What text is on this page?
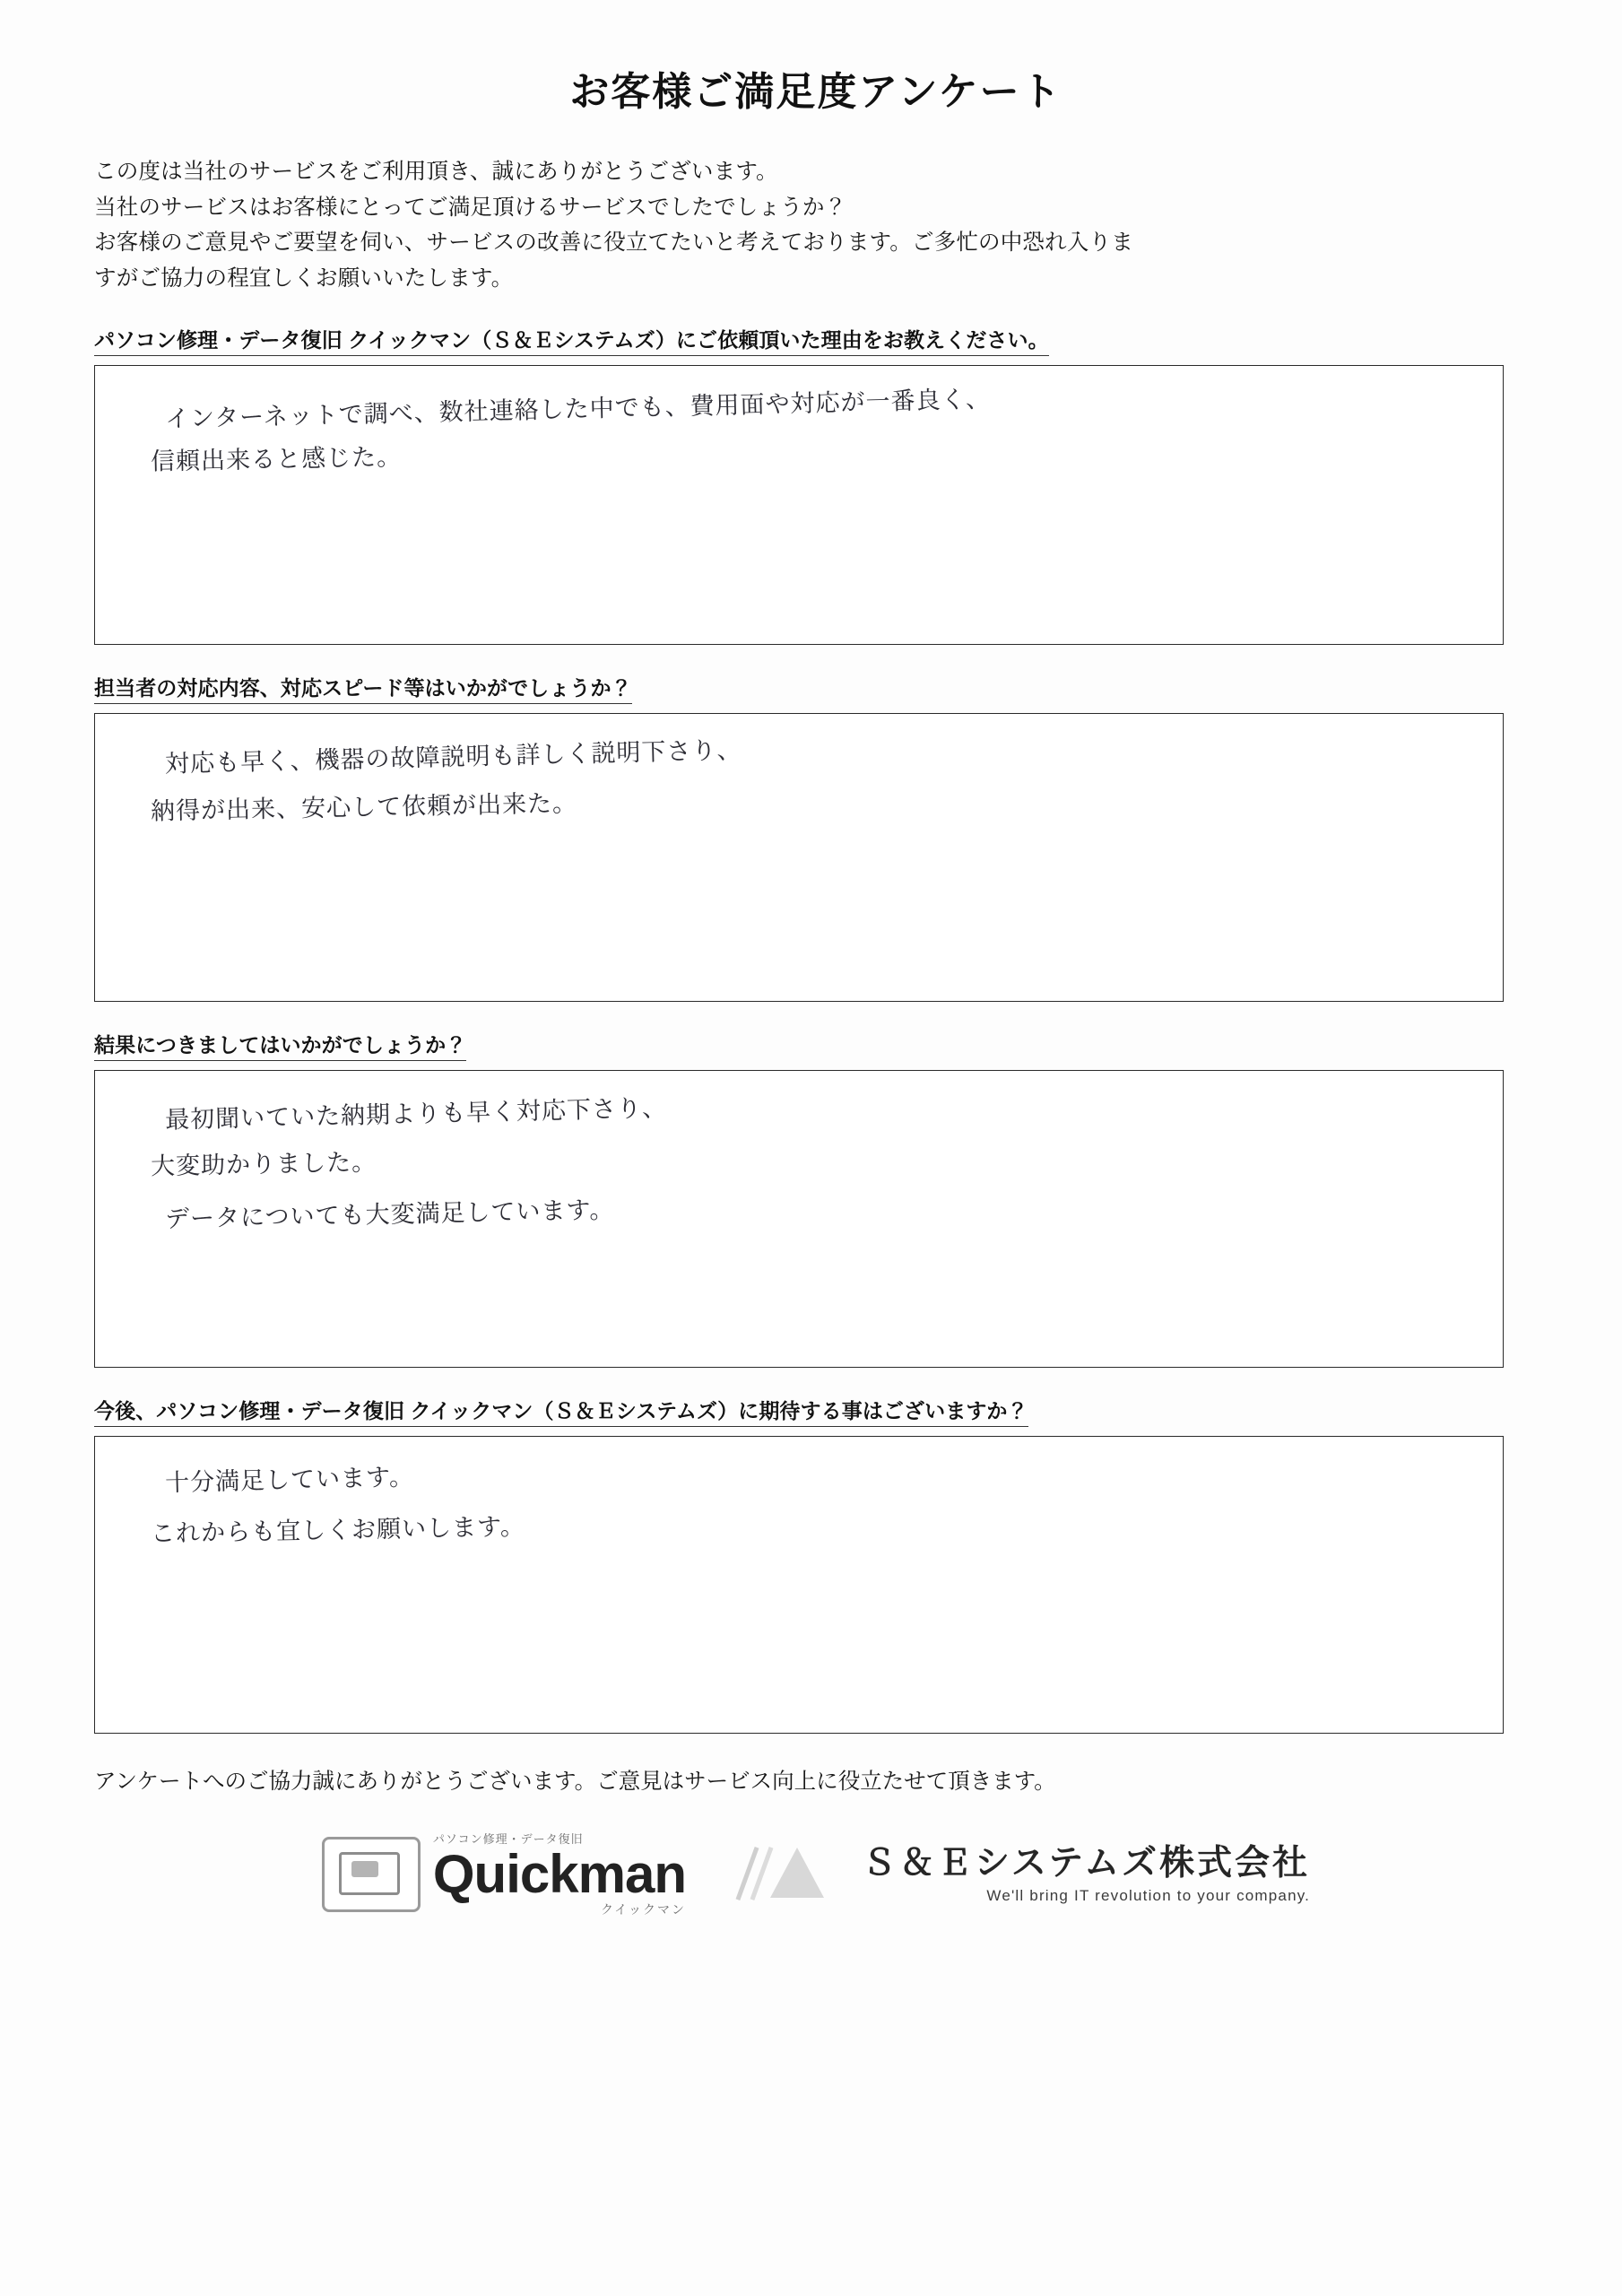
お客様ご満足度アンケート
この度は当社のサービスをご利用頂き、誠にありがとうございます。
当社のサービスはお客様にとってご満足頂けるサービスでしたでしょうか？
お客様のご意見やご要望を伺い、サービスの改善に役立てたいと考えております。ご多忙の中恐れ入りま
すがご協力の程宜しくお願いいたします。
パソコン修理・データ復旧 クイックマン（Ｓ＆Ｅシステムズ）にご依頼頂いた理由をお教えください。
インターネットで調べ、数社連絡した中でも、費用面や対応が一番良く、
信頼出来ると感じた。
担当者の対応内容、対応スピード等はいかがでしょうか？
対応も早く、機器の故障説明も詳しく説明下さり、
納得が出来、安心して依頼が出来た。
結果につきましてはいかがでしょうか？
最初聞いていた納期よりも早く対応下さり、
大変助かりました。
データについても大変満足しています。
今後、パソコン修理・データ復旧 クイックマン（Ｓ＆Ｅシステムズ）に期待する事はございますか？
十分満足しています。
これからも宜しくお願いします。
アンケートへのご協力誠にありがとうございます。ご意見はサービス向上に役立たせて頂きます。
パソコン修理・データ復旧
Quickman
クイックマン
Ｓ＆Ｅシステムズ株式会社
We'll bring IT revolution to your company.
